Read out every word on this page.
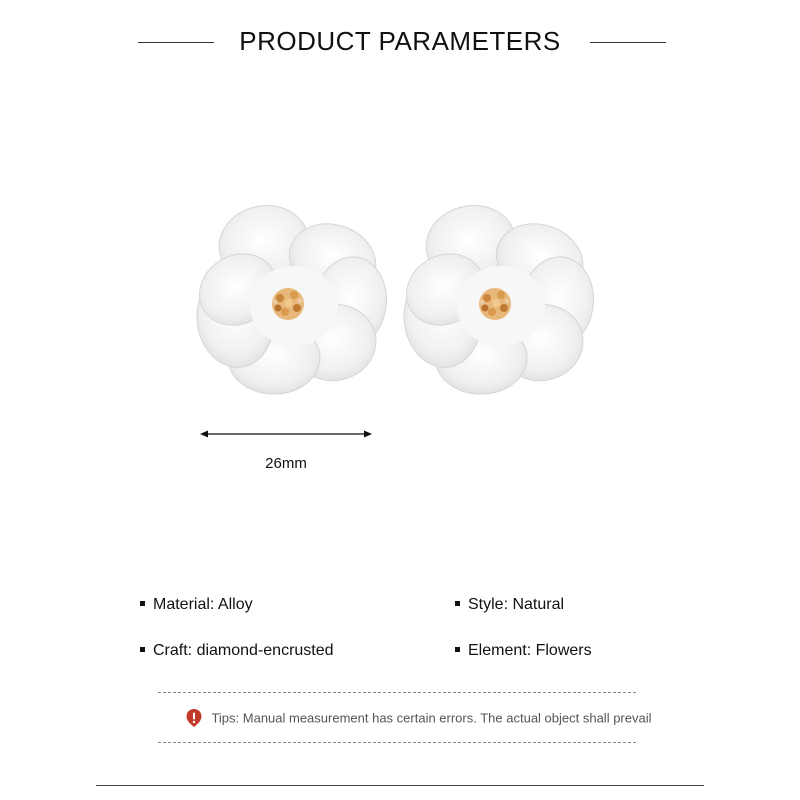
PRODUCT PARAMETERS
26mm
Material: Alloy	Style: Natural
Craft: diamond-encrusted	Element: Flowers
Tips: Manual measurement has certain errors. The actual object shall prevail
